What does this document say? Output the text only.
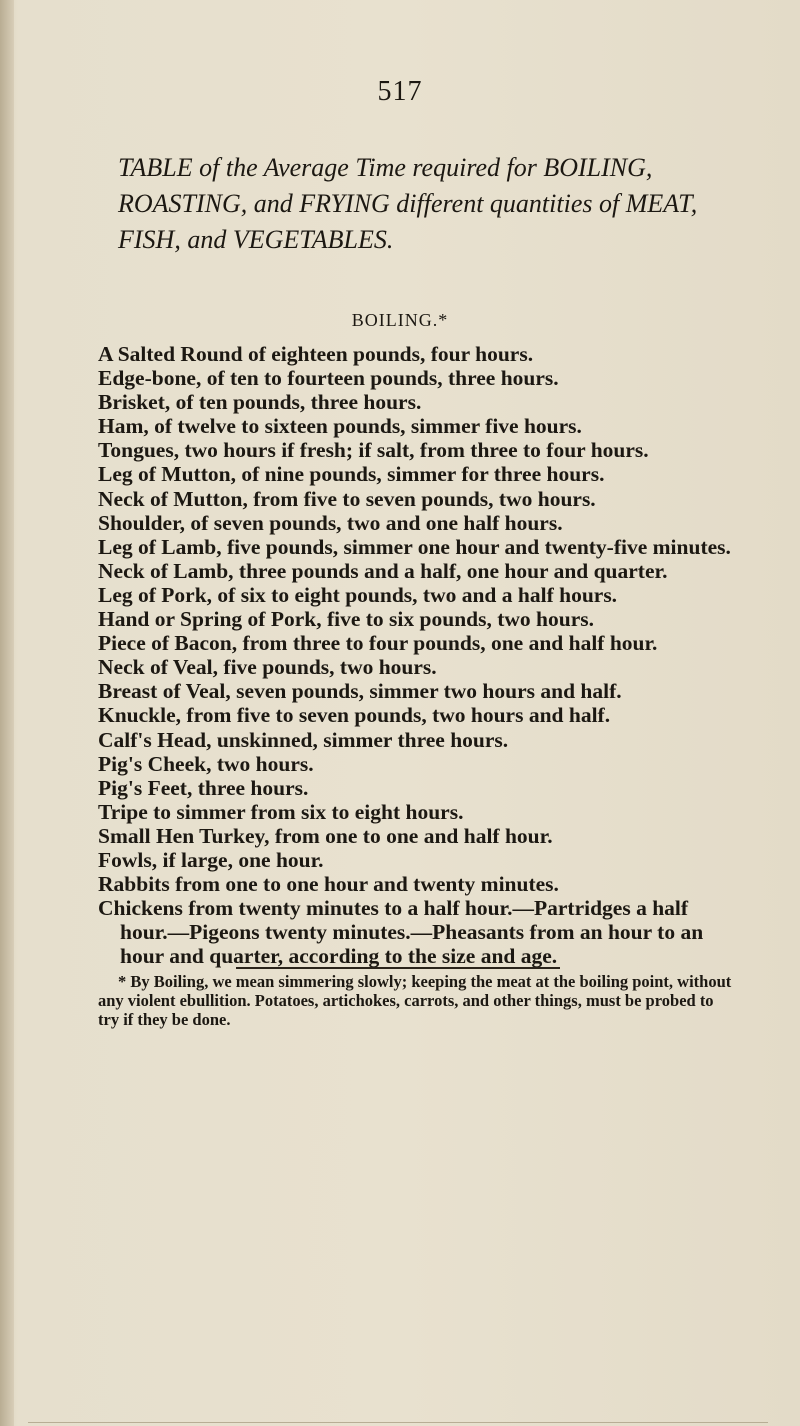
517
TABLE of the Average Time required for BOILING, ROASTING, and FRYING different quantities of MEAT, FISH, and VEGETABLES.
BOILING.*
A Salted Round of eighteen pounds, four hours.
Edge-bone, of ten to fourteen pounds, three hours.
Brisket, of ten pounds, three hours.
Ham, of twelve to sixteen pounds, simmer five hours.
Tongues, two hours if fresh; if salt, from three to four hours.
Leg of Mutton, of nine pounds, simmer for three hours.
Neck of Mutton, from five to seven pounds, two hours.
Shoulder, of seven pounds, two and one half hours.
Leg of Lamb, five pounds, simmer one hour and twenty-five minutes.
Neck of Lamb, three pounds and a half, one hour and quarter.
Leg of Pork, of six to eight pounds, two and a half hours.
Hand or Spring of Pork, five to six pounds, two hours.
Piece of Bacon, from three to four pounds, one and half hour.
Neck of Veal, five pounds, two hours.
Breast of Veal, seven pounds, simmer two hours and half.
Knuckle, from five to seven pounds, two hours and half.
Calf's Head, unskinned, simmer three hours.
Pig's Cheek, two hours.
Pig's Feet, three hours.
Tripe to simmer from six to eight hours.
Small Hen Turkey, from one to one and half hour.
Fowls, if large, one hour.
Rabbits from one to one hour and twenty minutes.
Chickens from twenty minutes to a half hour.—Partridges a half hour.—Pigeons twenty minutes.—Pheasants from an hour to an hour and quarter, according to the size and age.
* By Boiling, we mean simmering slowly; keeping the meat at the boiling point, without any violent ebullition. Potatoes, artichokes, carrots, and other things, must be probed to try if they be done.
